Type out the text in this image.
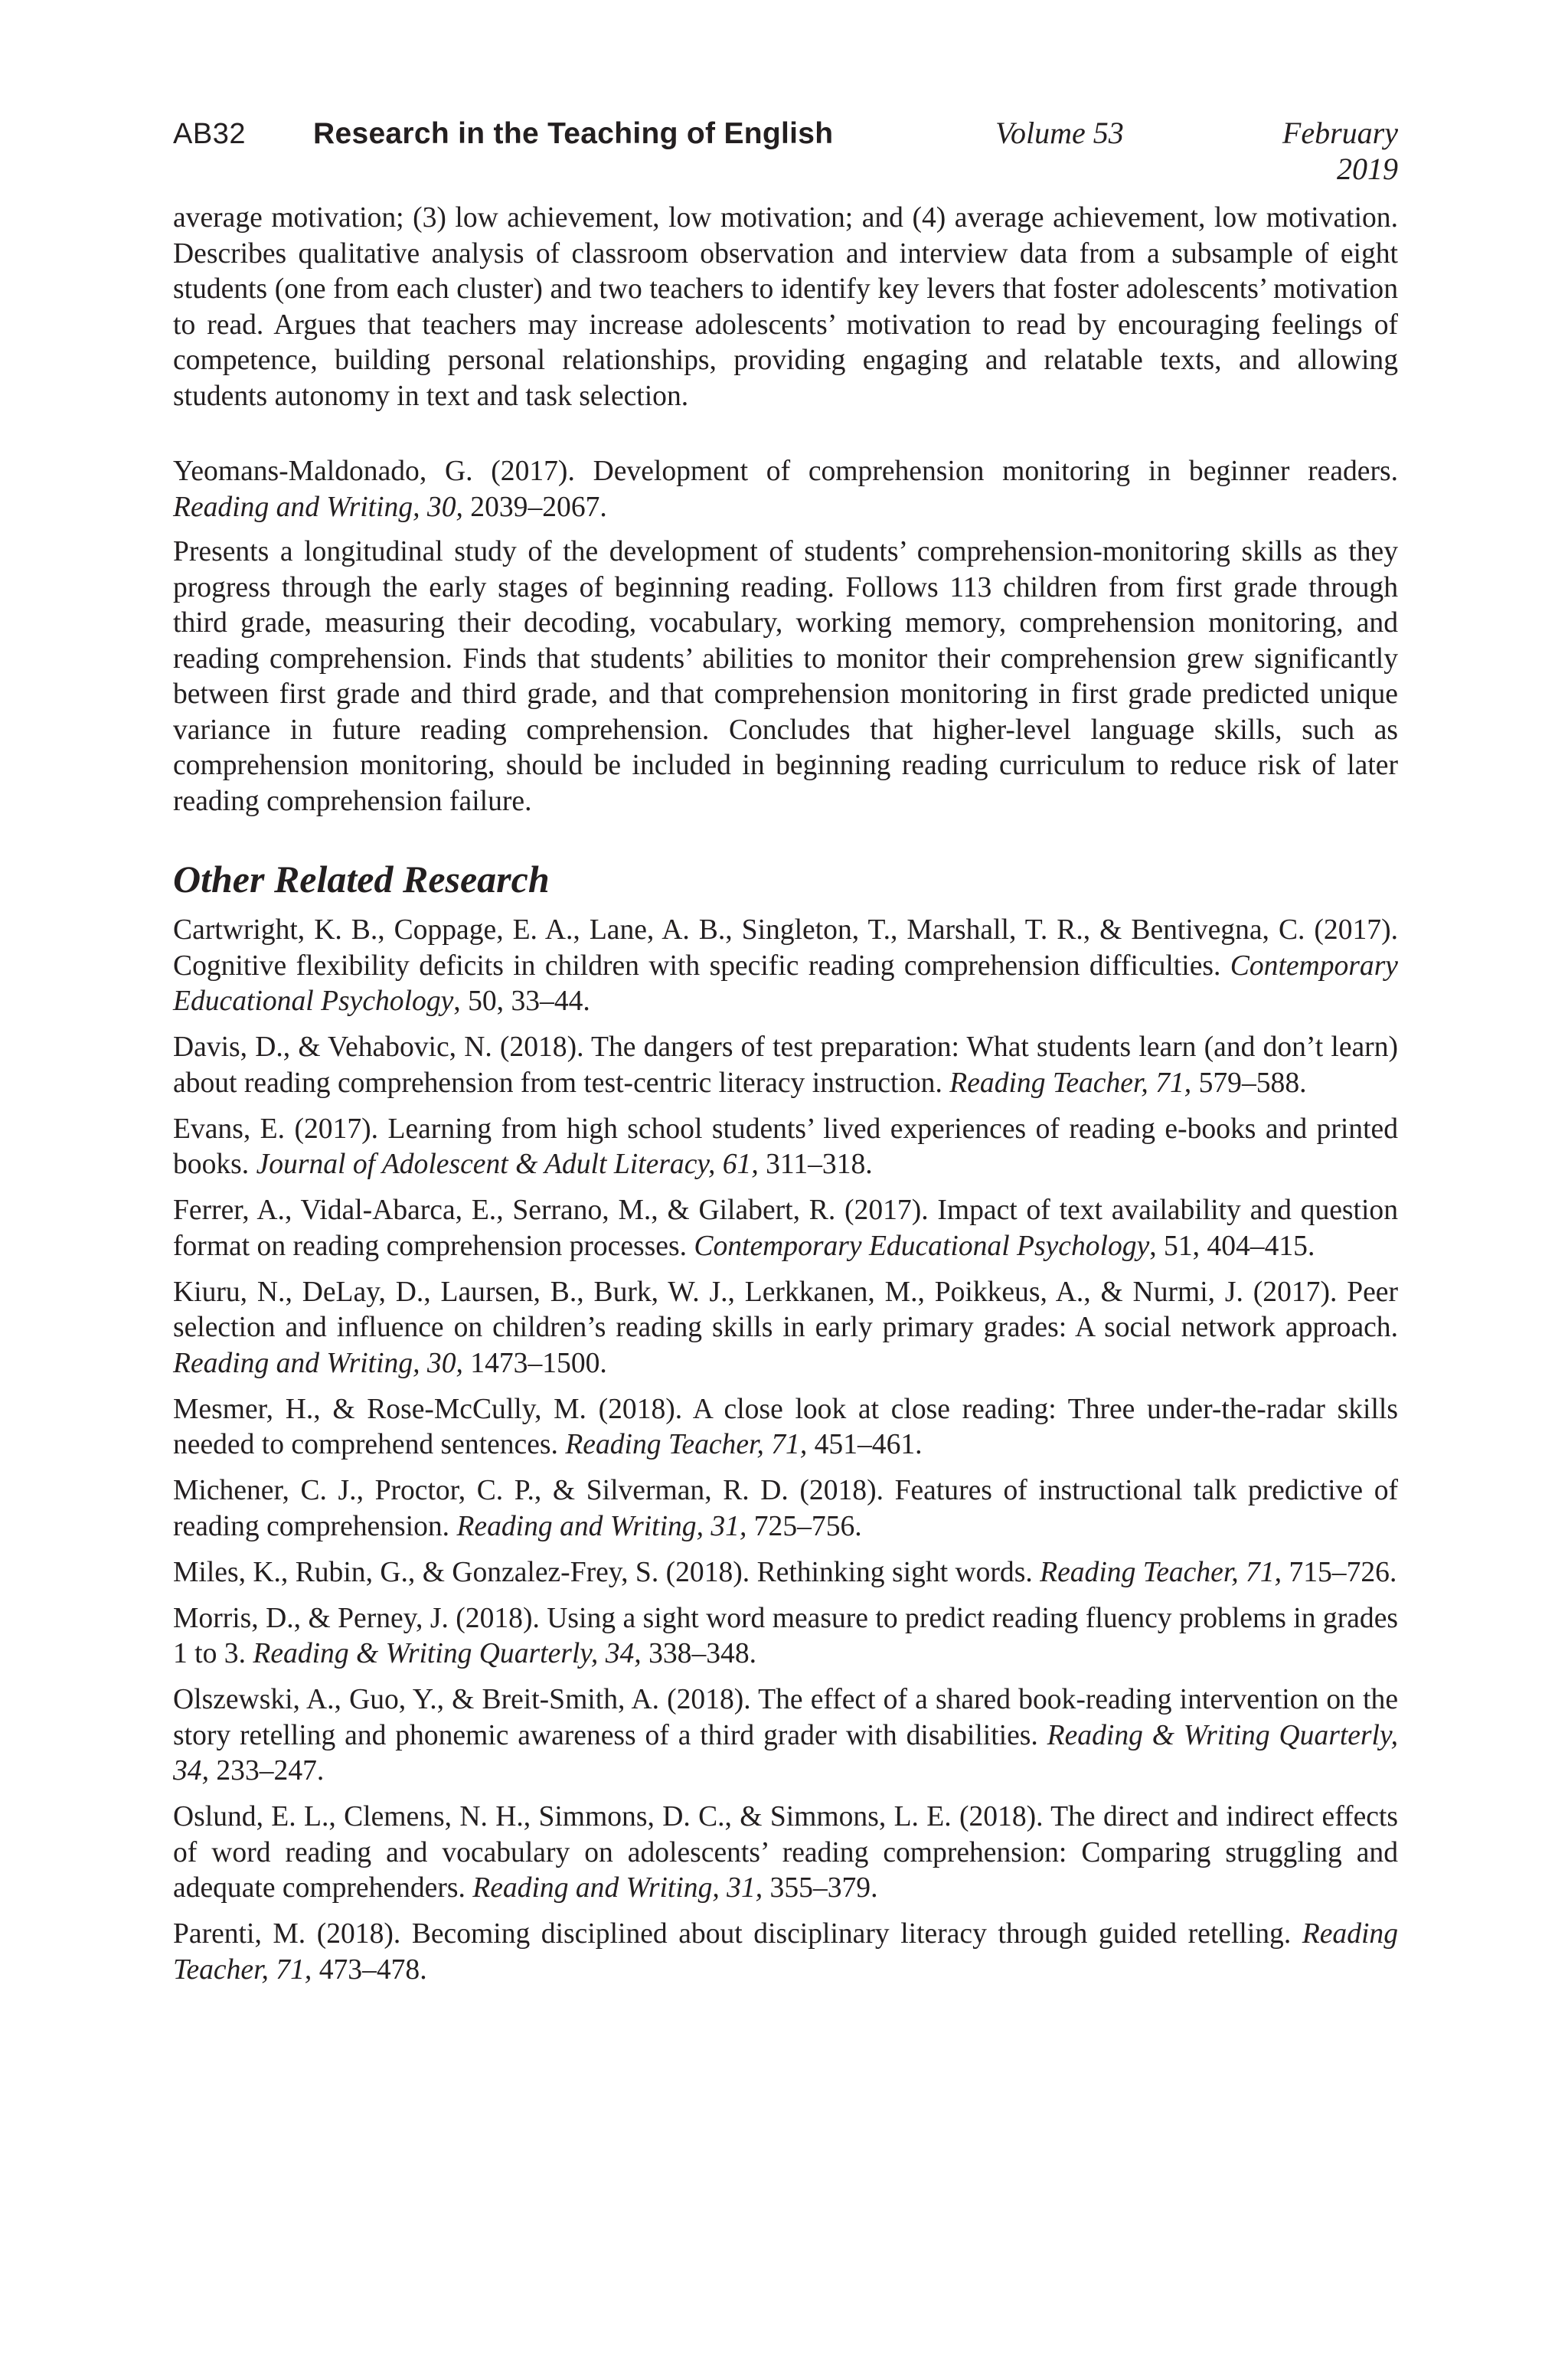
AB32	Research in the Teaching of English	Volume 53	February 2019

average motivation; (3) low achievement, low motivation; and (4) average achievement, low motivation. Describes qualitative analysis of classroom observation and interview data from a subsample of eight students (one from each cluster) and two teachers to identify key levers that foster adolescents’ motivation to read. Argues that teachers may increase adolescents’ motivation to read by encouraging feelings of competence, building personal relationships, providing engaging and relatable texts, and allowing students autonomy in text and task selection.

Yeomans-Maldonado, G. (2017). Development of comprehension monitoring in beginner readers. Reading and Writing, 30, 2039–2067.

Presents a longitudinal study of the development of students’ comprehension-monitoring skills as they progress through the early stages of beginning reading. Follows 113 children from first grade through third grade, measuring their decoding, vocabulary, working memory, comprehension monitoring, and reading comprehension. Finds that students’ abilities to monitor their comprehension grew significantly between first grade and third grade, and that comprehension monitoring in first grade predicted unique variance in future reading comprehension. Concludes that higher-level language skills, such as comprehension monitoring, should be included in beginning reading curriculum to reduce risk of later reading comprehension failure.

Other Related Research

Cartwright, K. B., Coppage, E. A., Lane, A. B., Singleton, T., Marshall, T. R., & Bentivegna, C. (2017). Cognitive flexibility deficits in children with specific reading comprehension difficulties. Contemporary Educational Psychology, 50, 33–44.

Davis, D., & Vehabovic, N. (2018). The dangers of test preparation: What students learn (and don’t learn) about reading comprehension from test-centric literacy instruction. Reading Teacher, 71, 579–588.

Evans, E. (2017). Learning from high school students’ lived experiences of reading e-books and printed books. Journal of Adolescent & Adult Literacy, 61, 311–318.

Ferrer, A., Vidal-Abarca, E., Serrano, M., & Gilabert, R. (2017). Impact of text availability and question format on reading comprehension processes. Contemporary Educational Psychology, 51, 404–415.

Kiuru, N., DeLay, D., Laursen, B., Burk, W. J., Lerkkanen, M., Poikkeus, A., & Nurmi, J. (2017). Peer selection and influence on children’s reading skills in early primary grades: A social network approach. Reading and Writing, 30, 1473–1500.

Mesmer, H., & Rose-McCully, M. (2018). A close look at close reading: Three under-the-radar skills needed to comprehend sentences. Reading Teacher, 71, 451–461.

Michener, C. J., Proctor, C. P., & Silverman, R. D. (2018). Features of instructional talk predictive of reading comprehension. Reading and Writing, 31, 725–756.

Miles, K., Rubin, G., & Gonzalez-Frey, S. (2018). Rethinking sight words. Reading Teacher, 71, 715–726.

Morris, D., & Perney, J. (2018). Using a sight word measure to predict reading fluency problems in grades 1 to 3. Reading & Writing Quarterly, 34, 338–348.

Olszewski, A., Guo, Y., & Breit-Smith, A. (2018). The effect of a shared book-reading intervention on the story retelling and phonemic awareness of a third grader with disabilities. Reading & Writing Quarterly, 34, 233–247.

Oslund, E. L., Clemens, N. H., Simmons, D. C., & Simmons, L. E. (2018). The direct and indirect effects of word reading and vocabulary on adolescents’ reading comprehension: Comparing struggling and adequate comprehenders. Reading and Writing, 31, 355–379.

Parenti, M. (2018). Becoming disciplined about disciplinary literacy through guided retelling. Reading Teacher, 71, 473–478.
